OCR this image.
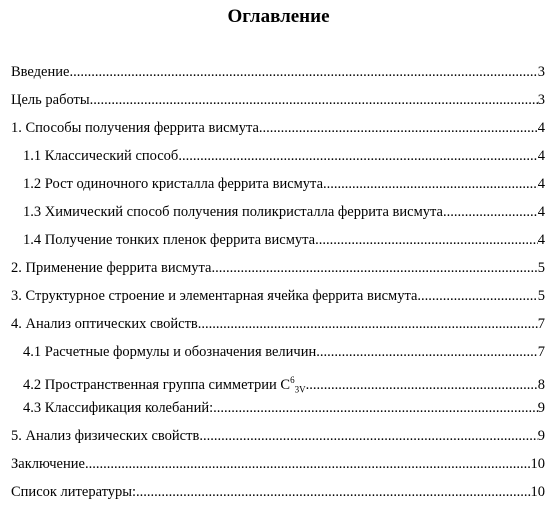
Оглавление
Введение .....	3
Цель работы .....	3
1. Способы получения феррита висмута .....	4
1.1 Классический способ .....	4
1.2 Рост одиночного кристалла феррита висмута .....	4
1.3 Химический способ получения поликристалла феррита висмута .....	4
1.4 Получение тонких пленок феррита висмута .....	4
2. Применение феррита висмута .....	5
3. Структурное строение и элементарная ячейка феррита висмута .....	5
4. Анализ оптических свойств .....	7
4.1 Расчетные формулы и обозначения величин .....	7
4.2 Пространственная группа симметрии $C^6_{3V}$ .....	8
4.3 Классификация колебаний: .....	9
5. Анализ физических свойств .....	9
Заключение .....	10
Список литературы: .....	10
